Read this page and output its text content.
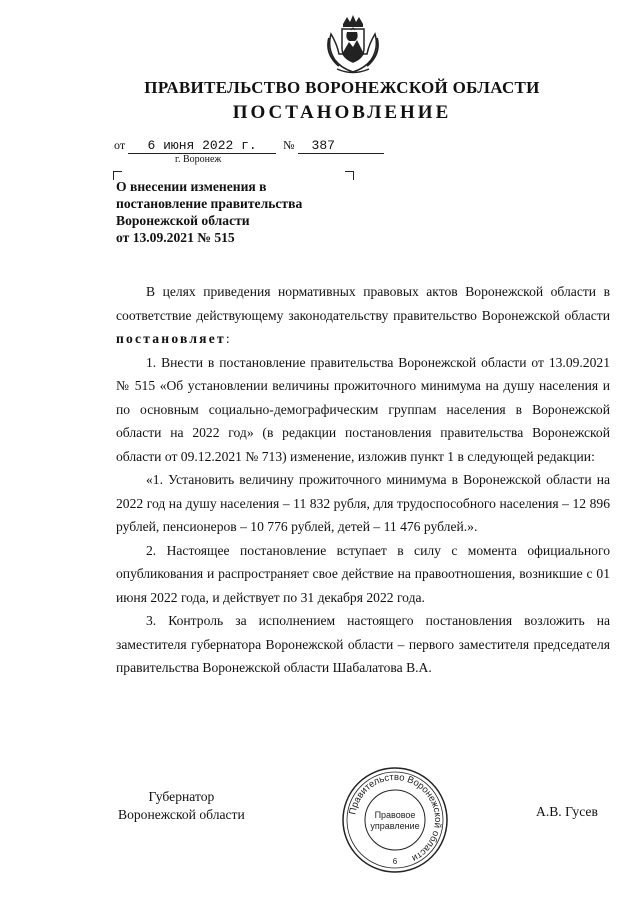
ПРАВИТЕЛЬСТВО ВОРОНЕЖСКОЙ ОБЛАСТИ
ПОСТАНОВЛЕНИЕ
от 6 июня 2022 г. № 387
г. Воронеж
О внесении изменения в
постановление правительства
Воронежской области
от 13.09.2021 № 515

В целях приведения нормативных правовых актов Воронежской области в соответствие действующему законодательству правительство Воронежской области постановляет:

1. Внести в постановление правительства Воронежской области от 13.09.2021 № 515 «Об установлении величины прожиточного минимума на душу населения и по основным социально-демографическим группам населения в Воронежской области на 2022 год» (в редакции постановления правительства Воронежской области от 09.12.2021 № 713) изменение, изложив пункт 1 в следующей редакции:

«1. Установить величину прожиточного минимума в Воронежской области на 2022 год на душу населения – 11 832 рубля, для трудоспособного населения – 12 896 рублей, пенсионеров – 10 776 рублей, детей – 11 476 рублей.».

2. Настоящее постановление вступает в силу с момента официального опубликования и распространяет свое действие на правоотношения, возникшие с 01 июня 2022 года, и действует по 31 декабря 2022 года.

3. Контроль за исполнением настоящего постановления возложить на заместителя губернатора Воронежской области – первого заместителя председателя правительства Воронежской области Шабалатова В.А.

Губернатор
Воронежской области	А.В. Гусев
Правительство Воронежской области
Правовое
управление
6
